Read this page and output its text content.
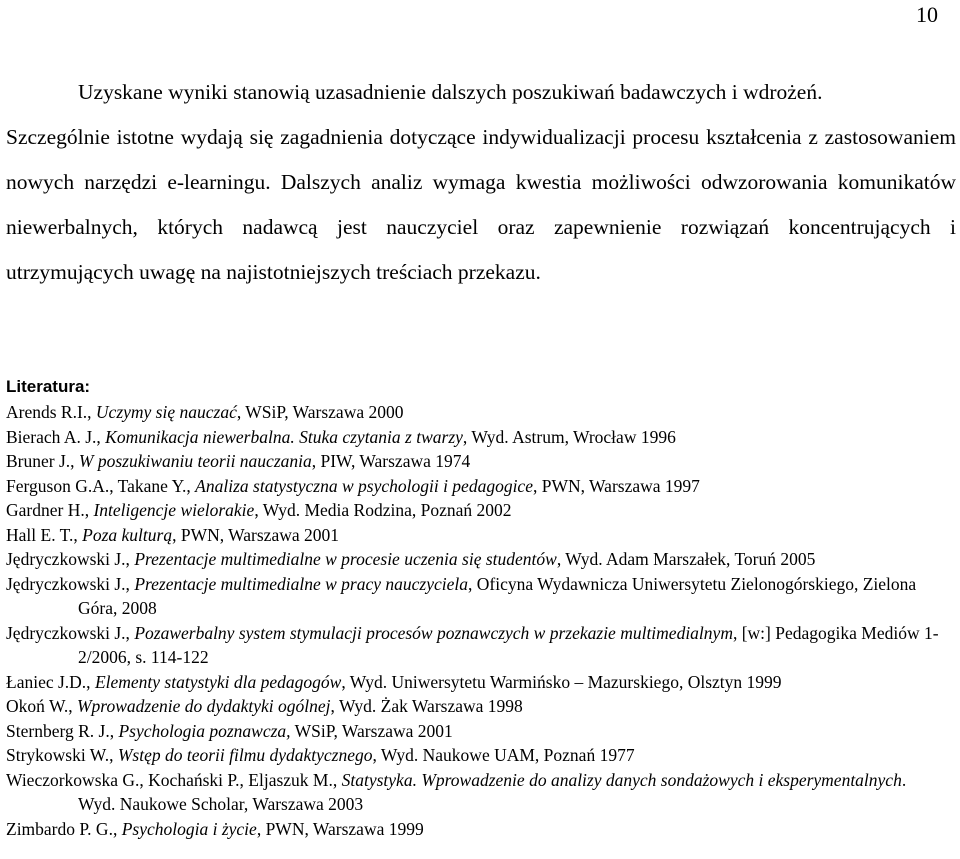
10

Uzyskane wyniki stanowią uzasadnienie dalszych poszukiwań badawczych i wdrożeń.

Szczególnie istotne wydają się zagadnienia dotyczące indywidualizacji procesu kształcenia z zastosowaniem nowych narzędzi e-learningu. Dalszych analiz wymaga kwestia możliwości odwzorowania komunikatów niewerbalnych, których nadawcą jest nauczyciel oraz zapewnienie rozwiązań koncentrujących i utrzymujących uwagę na najistotniejszych treściach przekazu.

Literatura:
Arends R.I., Uczymy się nauczać, WSiP, Warszawa 2000
Bierach A. J., Komunikacja niewerbalna. Stuka czytania z twarzy, Wyd. Astrum, Wrocław 1996
Bruner J., W poszukiwaniu teorii nauczania, PIW, Warszawa 1974
Ferguson G.A., Takane Y., Analiza statystyczna w psychologii i pedagogice, PWN, Warszawa 1997
Gardner H., Inteligencje wielorakie, Wyd. Media Rodzina, Poznań 2002
Hall E. T., Poza kulturą, PWN, Warszawa 2001
Jędryczkowski J., Prezentacje multimedialne w procesie uczenia się studentów, Wyd. Adam Marszałek, Toruń 2005
Jędryczkowski J., Prezentacje multimedialne w pracy nauczyciela, Oficyna Wydawnicza Uniwersytetu Zielonogórskiego, Zielona Góra, 2008
Jędryczkowski J., Pozawerbalny system stymulacji procesów poznawczych w przekazie multimedialnym, [w:] Pedagogika Mediów 1-2/2006, s. 114-122
Łaniec J.D., Elementy statystyki dla pedagogów, Wyd. Uniwersytetu Warmińsko – Mazurskiego, Olsztyn 1999
Okoń W., Wprowadzenie do dydaktyki ogólnej, Wyd. Żak Warszawa 1998
Sternberg R. J., Psychologia poznawcza, WSiP, Warszawa 2001
Strykowski W., Wstęp do teorii filmu dydaktycznego, Wyd. Naukowe UAM, Poznań 1977
Wieczorkowska G., Kochański P., Eljaszuk M., Statystyka. Wprowadzenie do analizy danych sondażowych i eksperymentalnych. Wyd. Naukowe Scholar, Warszawa 2003
Zimbardo P. G., Psychologia i życie, PWN, Warszawa 1999
